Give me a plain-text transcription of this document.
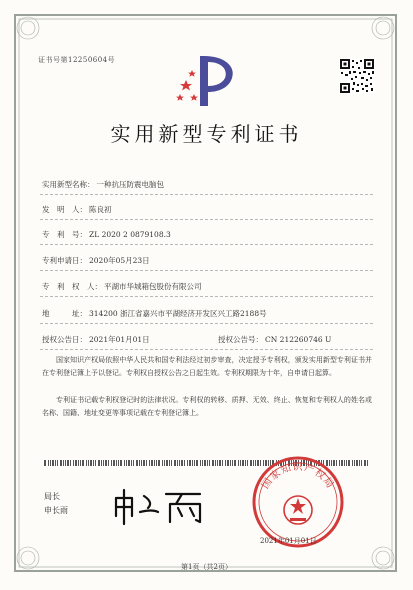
证书号第12250604号
实用新型专利证书
实用新型名称： 一种抗压防震电脑包
发　明　人： 陈良初
专　利　号： ZL 2020 2 0879108.3
专利申请日： 2020年05月23日
专　利　权　人： 平湖市华城箱包股份有限公司
地　　　址： 314200 浙江省嘉兴市平湖经济开发区兴工路2188号
授权公告日： 2021年01月01日	授权公告号： CN 212260746 U
国家知识产权局依照中华人民共和国专利法经过初步审查，决定授予专利权，颁发实用新型专利证书并在专利登记簿上予以登记。专利权自授权公告之日起生效。专利权期限为十年，自申请日起算。
专利证书记载专利权登记时的法律状况。专利权的转移、质押、无效、终止、恢复和专利权人的姓名或名称、国籍、地址变更等事项记载在专利登记簿上。
局长
申长雨
国家知识产权局
2021年01月01日
第1页（共2页）
